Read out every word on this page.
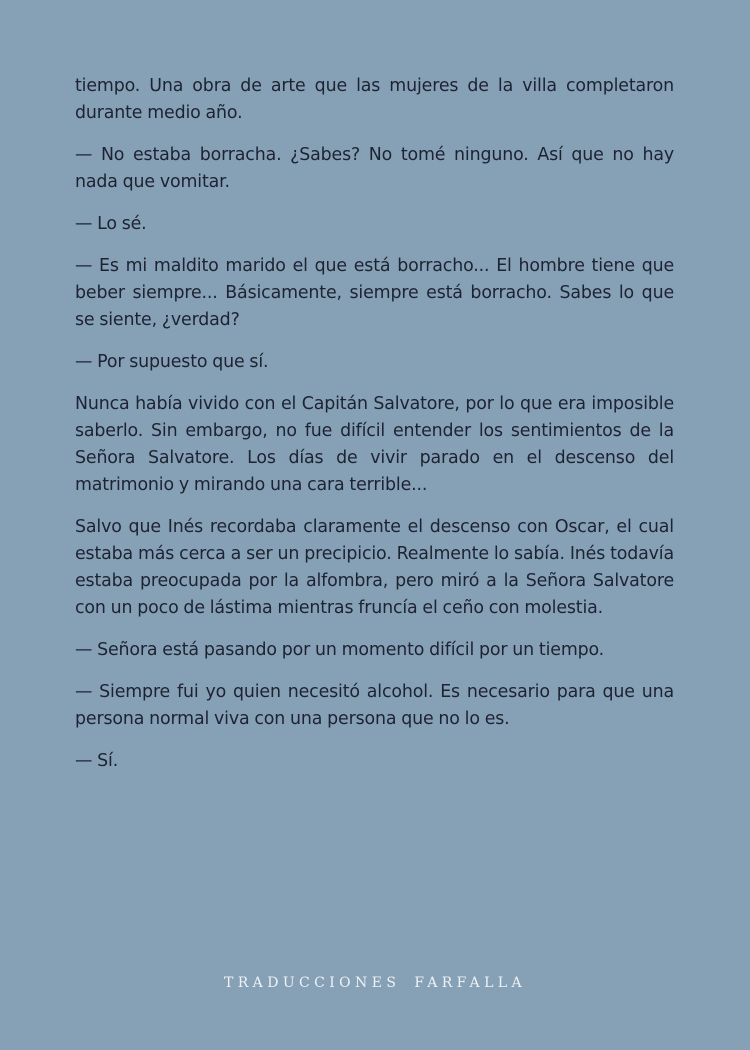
tiempo. Una obra de arte que las mujeres de la villa completaron durante medio año.

— No estaba borracha. ¿Sabes? No tomé ninguno. Así que no hay nada que vomitar.

— Lo sé.

— Es mi maldito marido el que está borracho... El hombre tiene que beber siempre... Básicamente, siempre está borracho. Sabes lo que se siente, ¿verdad?

— Por supuesto que sí.

Nunca había vivido con el Capitán Salvatore, por lo que era imposible saberlo. Sin embargo, no fue difícil entender los sentimientos de la Señora Salvatore. Los días de vivir parado en el descenso del matrimonio y mirando una cara terrible...

Salvo que Inés recordaba claramente el descenso con Oscar, el cual estaba más cerca a ser un precipicio. Realmente lo sabía. Inés todavía estaba preocupada por la alfombra, pero miró a la Señora Salvatore con un poco de lástima mientras fruncía el ceño con molestia.

— Señora está pasando por un momento difícil por un tiempo.

— Siempre fui yo quien necesitó alcohol. Es necesario para que una persona normal viva con una persona que no lo es.

— Sí.

TRADUCCIONES FARFALLA
